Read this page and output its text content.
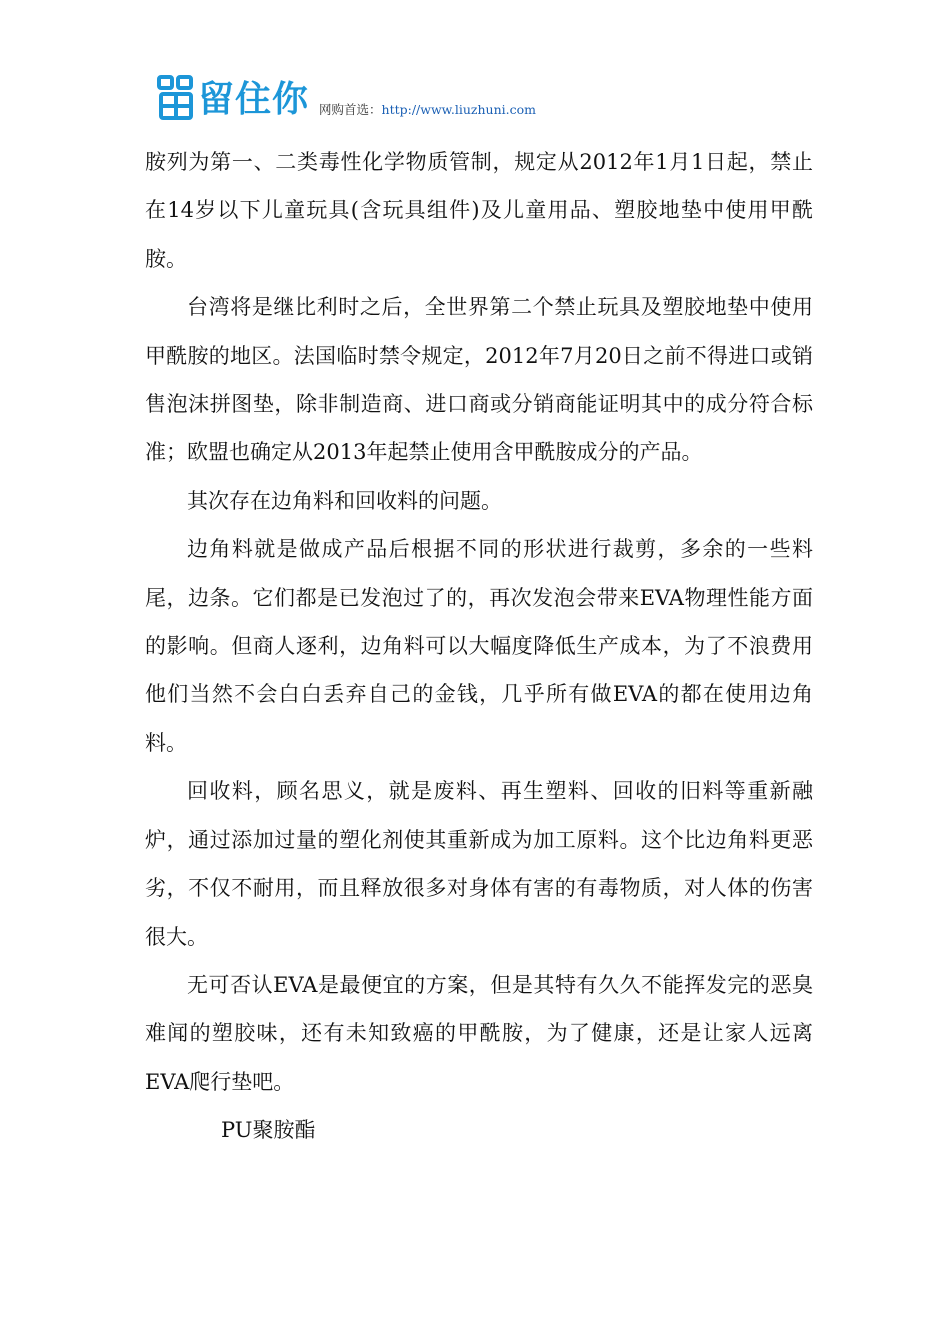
留住你 网购首选：http://www.liuzhuni.com

胺列为第一、二类毒性化学物质管制，规定从2012年1月1日起，禁止在14岁以下儿童玩具(含玩具组件)及儿童用品、塑胶地垫中使用甲酰胺。

台湾将是继比利时之后，全世界第二个禁止玩具及塑胶地垫中使用甲酰胺的地区。法国临时禁令规定，2012年7月20日之前不得进口或销售泡沫拼图垫，除非制造商、进口商或分销商能证明其中的成分符合标准；欧盟也确定从2013年起禁止使用含甲酰胺成分的产品。

其次存在边角料和回收料的问题。

边角料就是做成产品后根据不同的形状进行裁剪，多余的一些料尾，边条。它们都是已发泡过了的，再次发泡会带来EVA物理性能方面的影响。但商人逐利，边角料可以大幅度降低生产成本，为了不浪费用他们当然不会白白丢弃自己的金钱，几乎所有做EVA的都在使用边角料。

回收料，顾名思义，就是废料、再生塑料、回收的旧料等重新融炉，通过添加过量的塑化剂使其重新成为加工原料。这个比边角料更恶劣，不仅不耐用，而且释放很多对身体有害的有毒物质，对人体的伤害很大。

无可否认EVA是最便宜的方案，但是其特有久久不能挥发完的恶臭难闻的塑胶味，还有未知致癌的甲酰胺，为了健康，还是让家人远离EVA爬行垫吧。

PU聚胺酯
